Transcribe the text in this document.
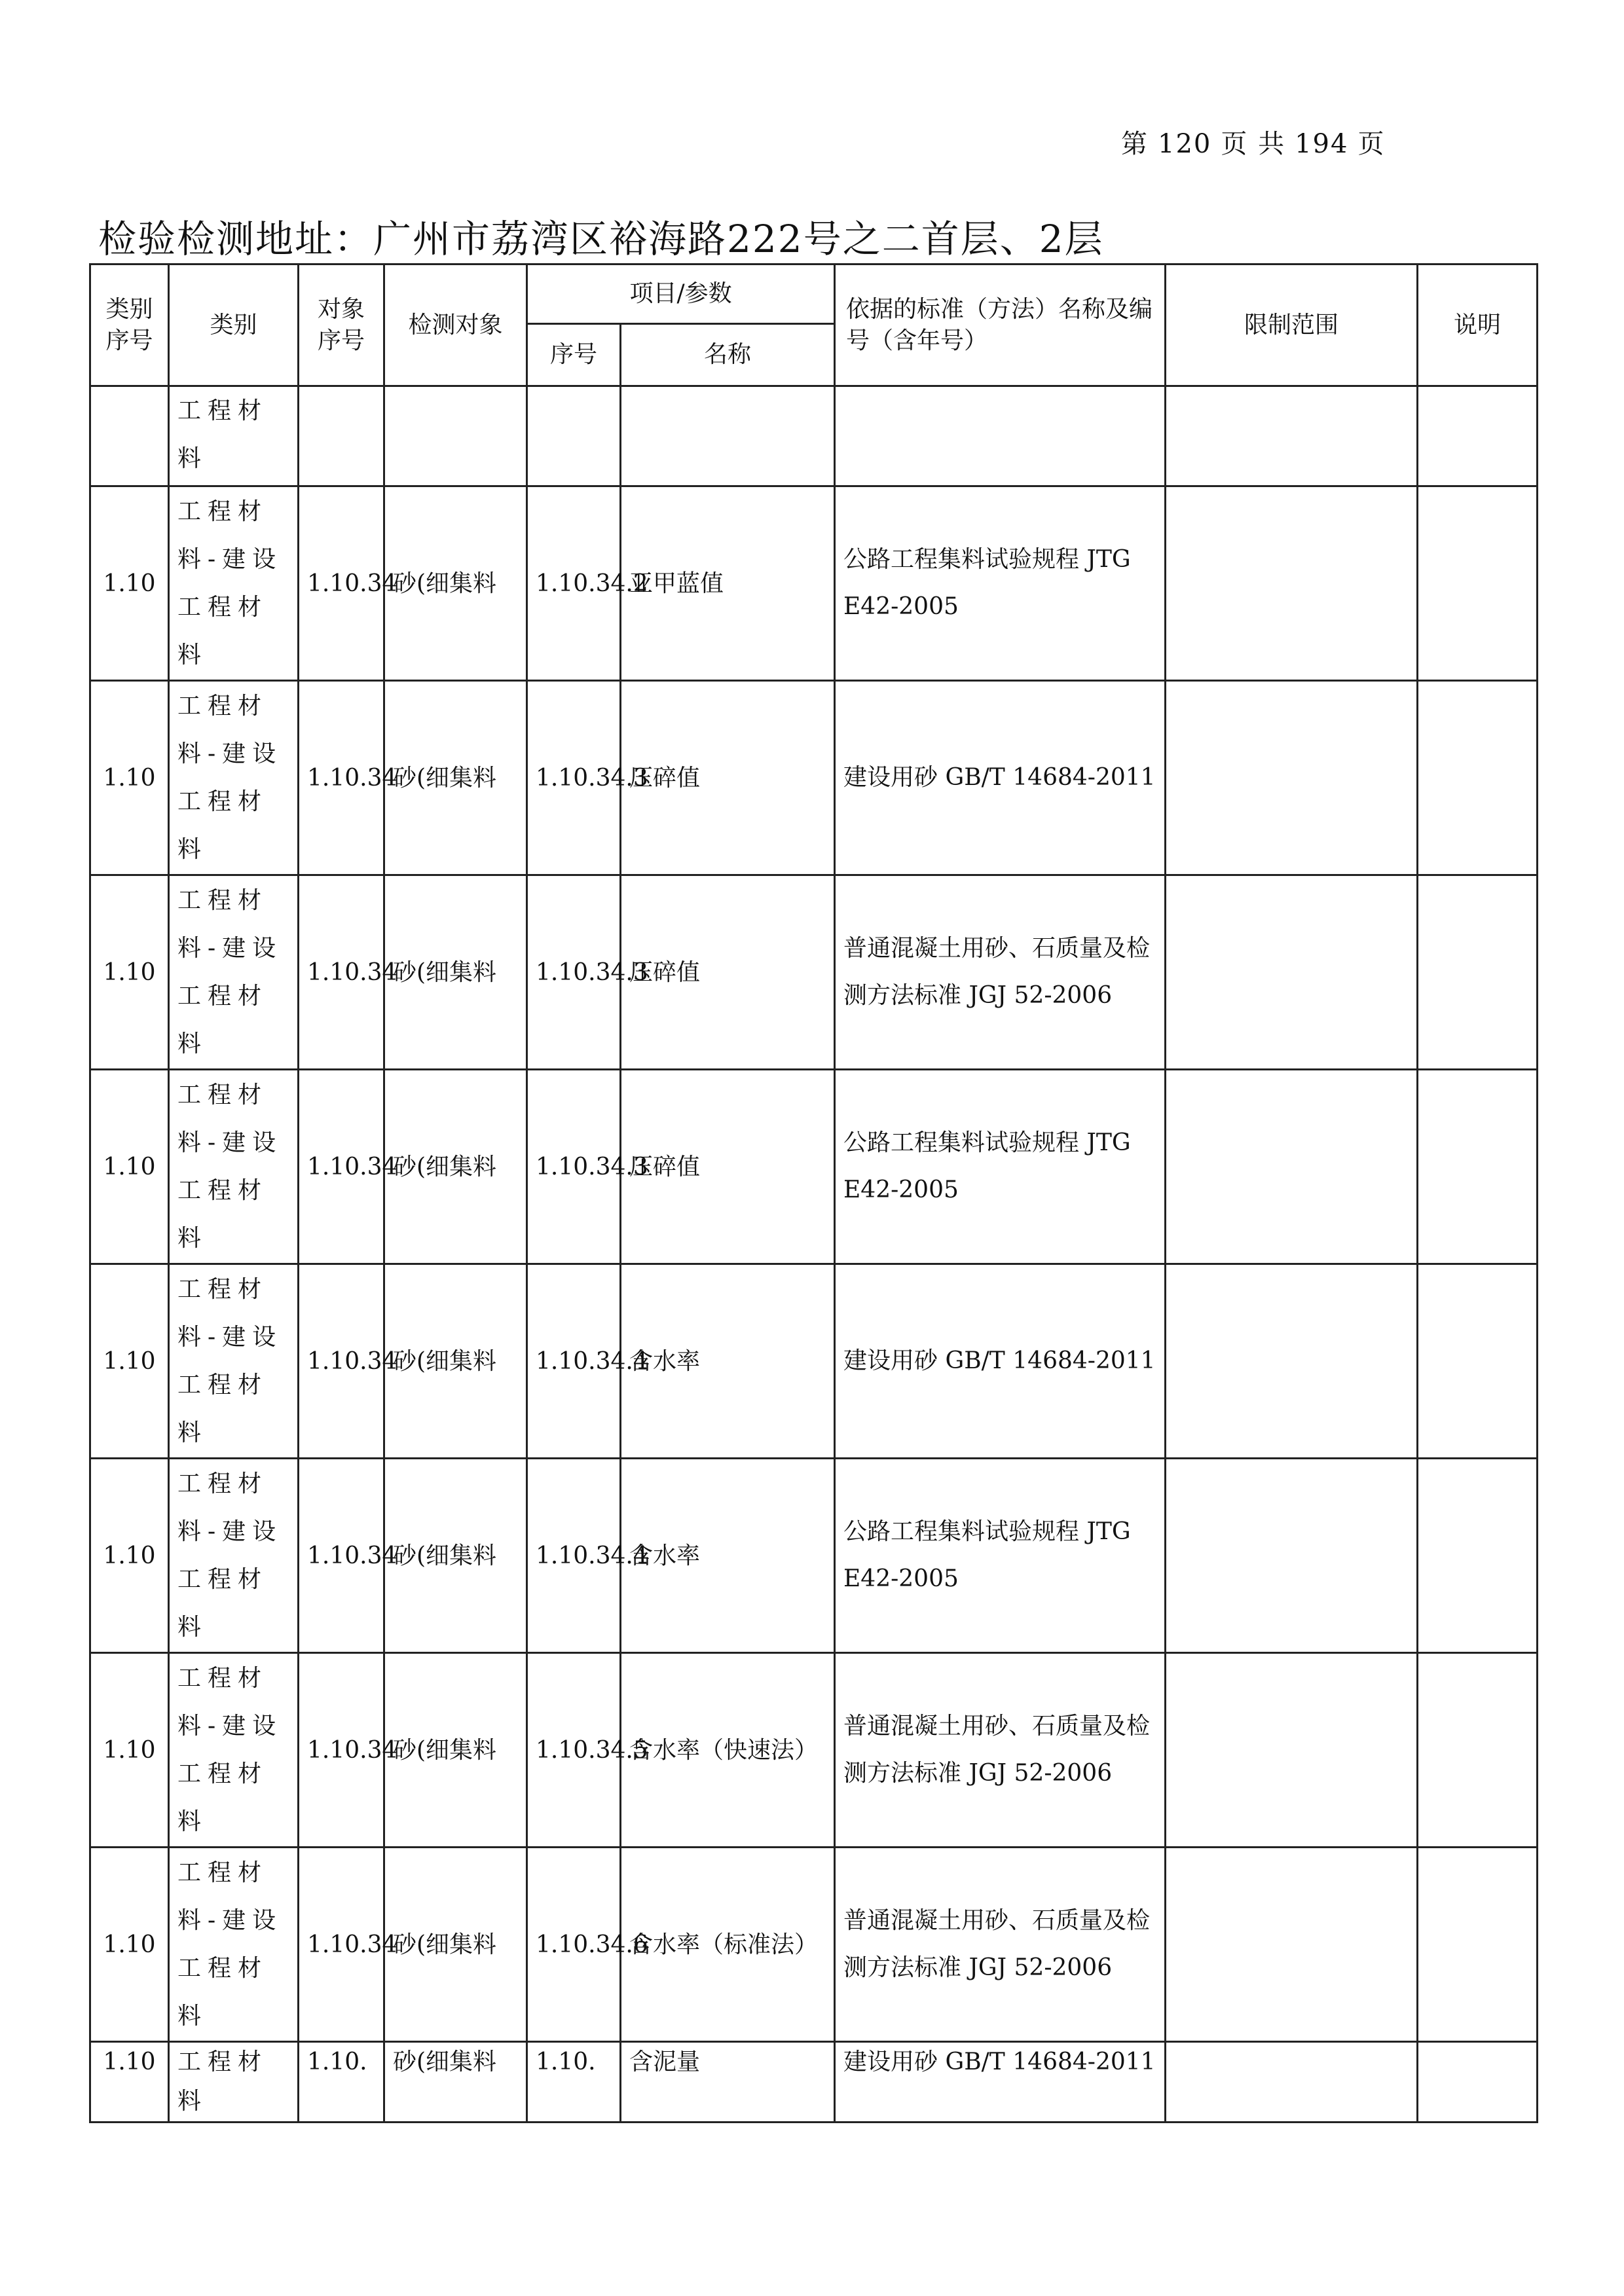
第 120 页 共 194 页
检验检测地址：广州市荔湾区裕海路222号之二首层、2层
类别序号	类别	对象序号	检测对象	项目/参数		依据的标准（方法）名称及编号（含年号）	限制范围	说明
				序号	名称			
	工程材料							
1.10	工程材料-建设工程材料	1.10.34	砂(细集料	1.10.34.2	亚甲蓝值	公路工程集料试验规程 JTG E42-2005		
1.10	工程材料-建设工程材料	1.10.34	砂(细集料	1.10.34.3	压碎值	建设用砂 GB/T 14684-2011		
1.10	工程材料-建设工程材料	1.10.34	砂(细集料	1.10.34.3	压碎值	普通混凝土用砂、石质量及检测方法标准 JGJ 52-2006		
1.10	工程材料-建设工程材料	1.10.34	砂(细集料	1.10.34.3	压碎值	公路工程集料试验规程 JTG E42-2005		
1.10	工程材料-建设工程材料	1.10.34	砂(细集料	1.10.34.4	含水率	建设用砂 GB/T 14684-2011		
1.10	工程材料-建设工程材料	1.10.34	砂(细集料	1.10.34.4	含水率	公路工程集料试验规程 JTG E42-2005		
1.10	工程材料-建设工程材料	1.10.34	砂(细集料	1.10.34.5	含水率（快速法）	普通混凝土用砂、石质量及检测方法标准 JGJ 52-2006		
1.10	工程材料-建设工程材料	1.10.34	砂(细集料	1.10.34.6	含水率（标准法）	普通混凝土用砂、石质量及检测方法标准 JGJ 52-2006		
1.10	工程材料	1.10.	砂(细集料	1.10.	含泥量	建设用砂 GB/T 14684-2011		
